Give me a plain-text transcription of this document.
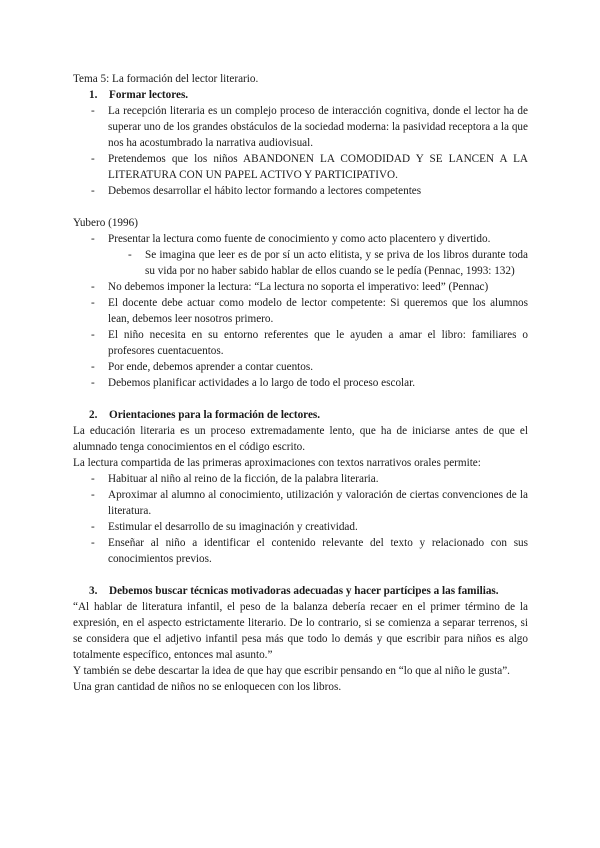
Tema 5: La formación del lector literario.

1.	Formar lectores.
- La recepción literaria es un complejo proceso de interacción cognitiva, donde el lector ha de superar uno de los grandes obstáculos de la sociedad moderna: la pasividad receptora a la que nos ha acostumbrado la narrativa audiovisual.
- Pretendemos que los niños ABANDONEN LA COMODIDAD Y SE LANCEN A LA LITERATURA CON UN PAPEL ACTIVO Y PARTICIPATIVO.
- Debemos desarrollar el hábito lector formando a lectores competentes

Yubero (1996)

- Presentar la lectura como fuente de conocimiento y como acto placentero y divertido.
- Se imagina que leer es de por sí un acto elitista, y se priva de los libros durante toda su vida por no haber sabido hablar de ellos cuando se le pedía (Pennac, 1993: 132)
- No debemos imponer la lectura: “La lectura no soporta el imperativo: leed” (Pennac)
- El docente debe actuar como modelo de lector competente: Si queremos que los alumnos lean, debemos leer nosotros primero.
- El niño necesita en su entorno referentes que le ayuden a amar el libro: familiares o profesores cuentacuentos.
- Por ende, debemos aprender a contar cuentos.
- Debemos planificar actividades a lo largo de todo el proceso escolar.
2.	Orientaciones para la formación de lectores.

La educación literaria es un proceso extremadamente lento, que ha de iniciarse antes de que el alumnado tenga conocimientos en el código escrito.

La lectura compartida de las primeras aproximaciones con textos narrativos orales permite:

- Habituar al niño al reino de la ficción, de la palabra literaria.
- Aproximar al alumno al conocimiento, utilización y valoración de ciertas convenciones de la literatura.
- Estimular el desarrollo de su imaginación y creatividad.
- Enseñar al niño a identificar el contenido relevante del texto y relacionado con sus conocimientos previos.
3.	Debemos buscar técnicas motivadoras adecuadas y hacer partícipes a las familias.

“Al hablar de literatura infantil, el peso de la balanza debería recaer en el primer término de la expresión, en el aspecto estrictamente literario. De lo contrario, si se comienza a separar terrenos, si se considera que el adjetivo infantil pesa más que todo lo demás y que escribir para niños es algo totalmente específico, entonces mal asunto.”

Y también se debe descartar la idea de que hay que escribir pensando en “lo que al niño le gusta”.

Una gran cantidad de niños no se enloquecen con los libros.
